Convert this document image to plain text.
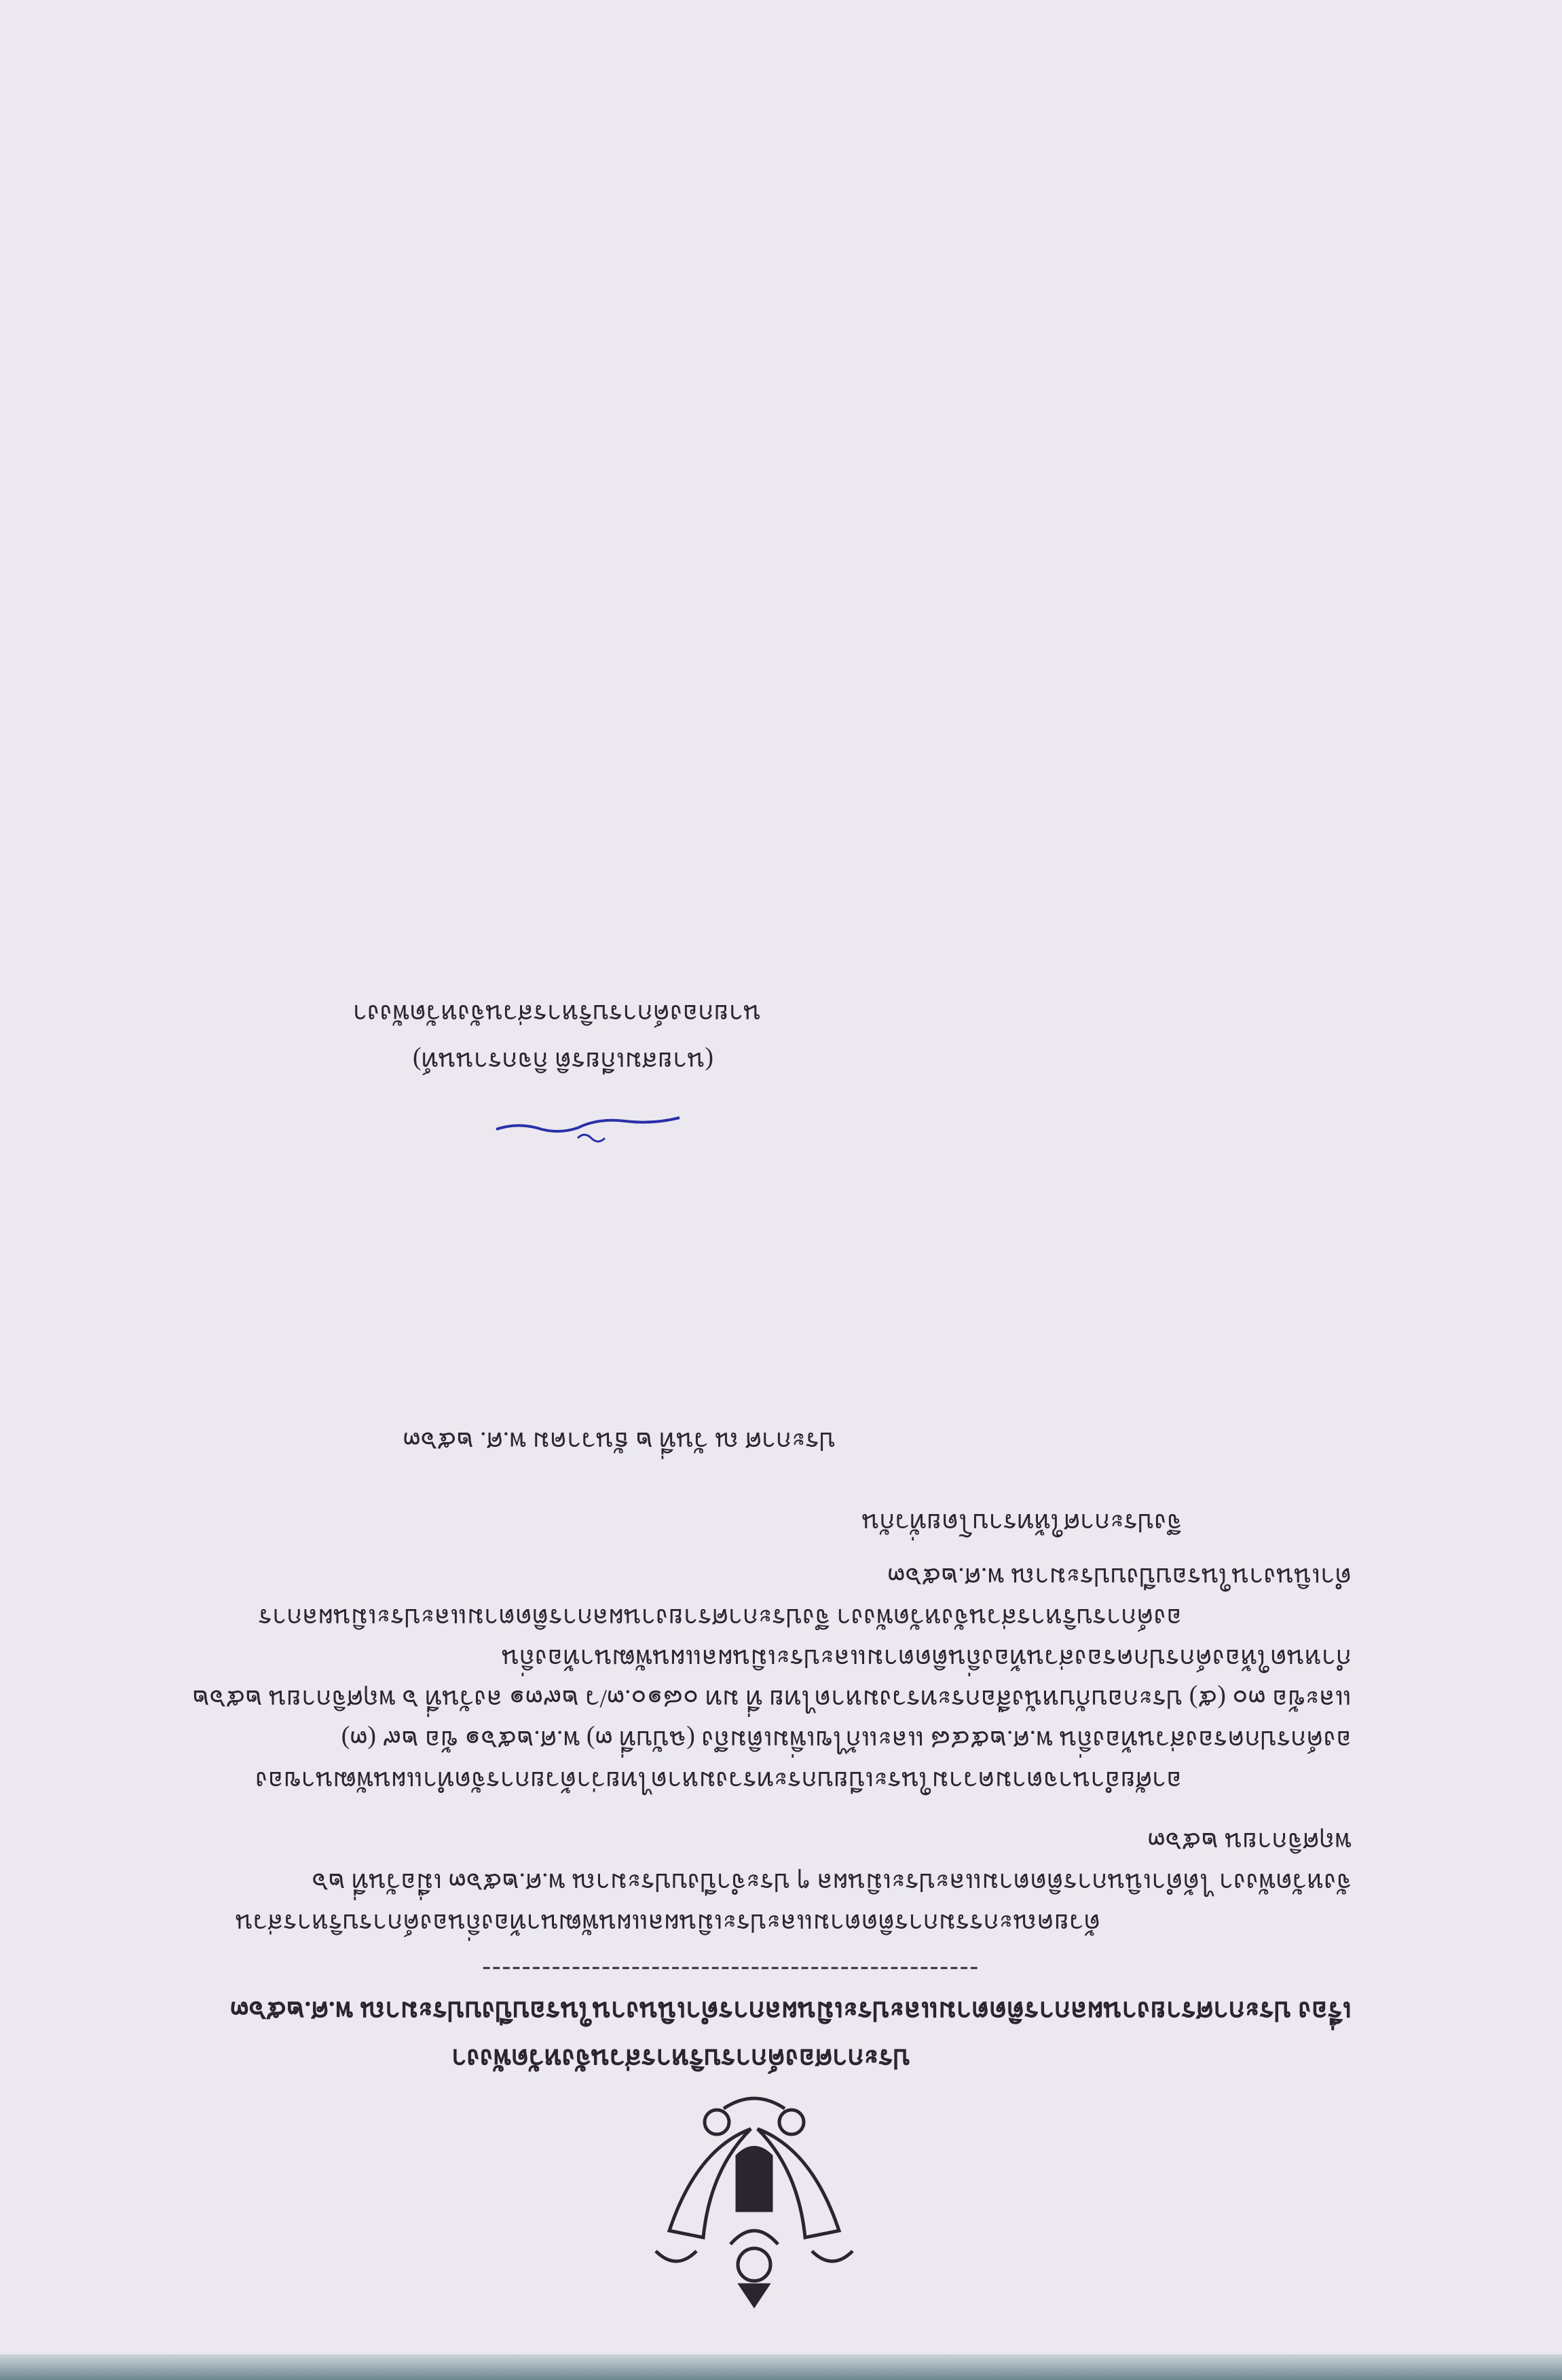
ประกาศองค์การบริหารส่วนจังหวัดพังงา
เรื่อง ประกาศรายงานผลการติดตามและประเมินผลการดำเนินงานในรอบปีงบประมาณ พ.ศ.๒๕๖๓
--------------------------------------------------
ด้วยคณะกรรมการติดตามและประเมินผลแผนพัฒนาท้องถิ่นองค์การบริหารส่วน
จังหวัดพังงา ได้ดำเนินการติดตามและประเมินผล ๆ ประจำปีงบประมาณ พ.ศ.๒๕๖๓ เมื่อวันที่ ๒๖
พฤศจิกายน ๒๕๖๓
อาศัยอำนาจตามความในระเบียบกระทรวงมหาดไทยว่าด้วยการจัดทำแผนพัฒนาของ
องค์กรปกครองส่วนท้องถิ่น พ.ศ.๒๕๔๘ และแก้ไขเพิ่มเติมถึง (ฉบับที่ ๓) พ.ศ.๒๕๖๑ ข้อ ๒๙ (๓)
และข้อ ๓๐ (๕) ประกอบกับหนังสือกระทรวงมหาดไทย ที่ มท ๐๘๑๐.๓/ว ๒๙๓๑ ลงวันที่ ๖ พฤศจิกายน ๒๕๖๒
กำหนดให้องค์กรปกครองส่วนท้องถิ่นติดตามและประเมินผลแผนพัฒนาท้องถิ่น
องค์การบริหารส่วนจังหวัดพังงา จึงประกาศรายงานผลการติดตามและประเมินผลการ
ดำเนินงานในรอบปีงบประมาณ พ.ศ.๒๕๖๓
จึงประกาศให้ทราบโดยทั่วกัน
ประกาศ ณ วันที่ ๒ ธันวาคม พ.ศ. ๒๕๖๓
(นายสมเกียรติ กิจกรานนท์)
นายกองค์การบริหารส่วนจังหวัดพังงา
